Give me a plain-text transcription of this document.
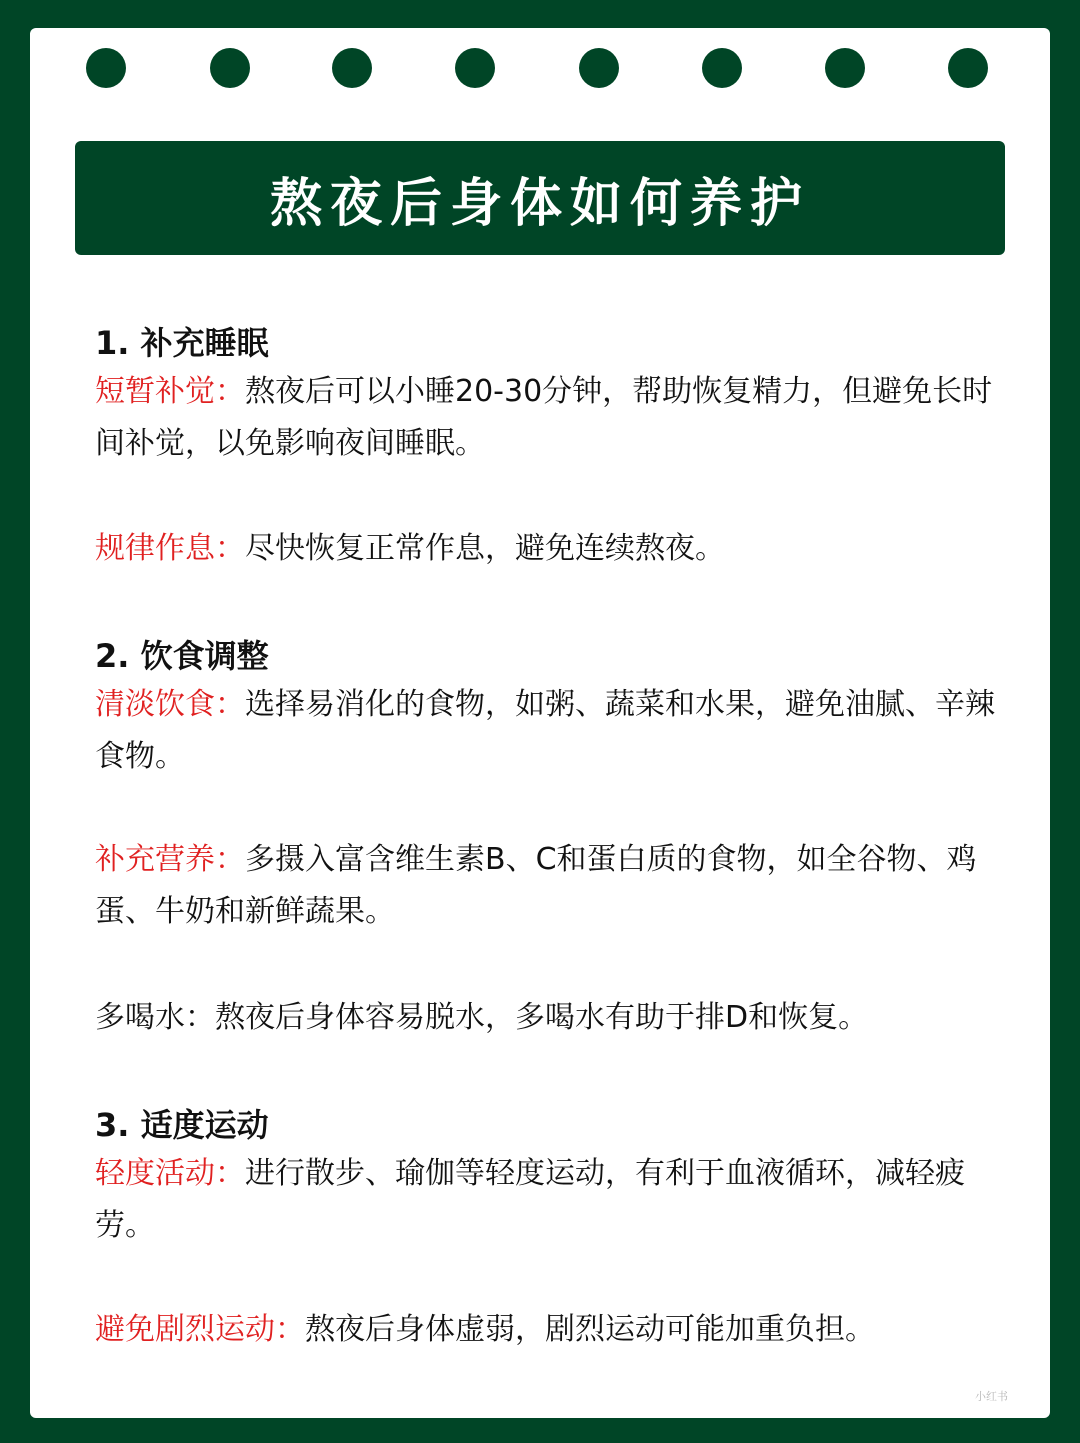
熬夜后身体如何养护
1. 补充睡眠
短暂补觉：熬夜后可以小睡20-30分钟，帮助恢复精力，但避免长时间补觉，以免影响夜间睡眠。
规律作息：尽快恢复正常作息，避免连续熬夜。
2. 饮食调整
清淡饮食：选择易消化的食物，如粥、蔬菜和水果，避免油腻、辛辣食物。
补充营养：多摄入富含维生素B、C和蛋白质的食物，如全谷物、鸡蛋、牛奶和新鲜蔬果。
多喝水：熬夜后身体容易脱水，多喝水有助于排D和恢复。
3. 适度运动
轻度活动：进行散步、瑜伽等轻度运动，有利于血液循环，减轻疲劳。
避免剧烈运动：熬夜后身体虚弱，剧烈运动可能加重负担。
小红书
